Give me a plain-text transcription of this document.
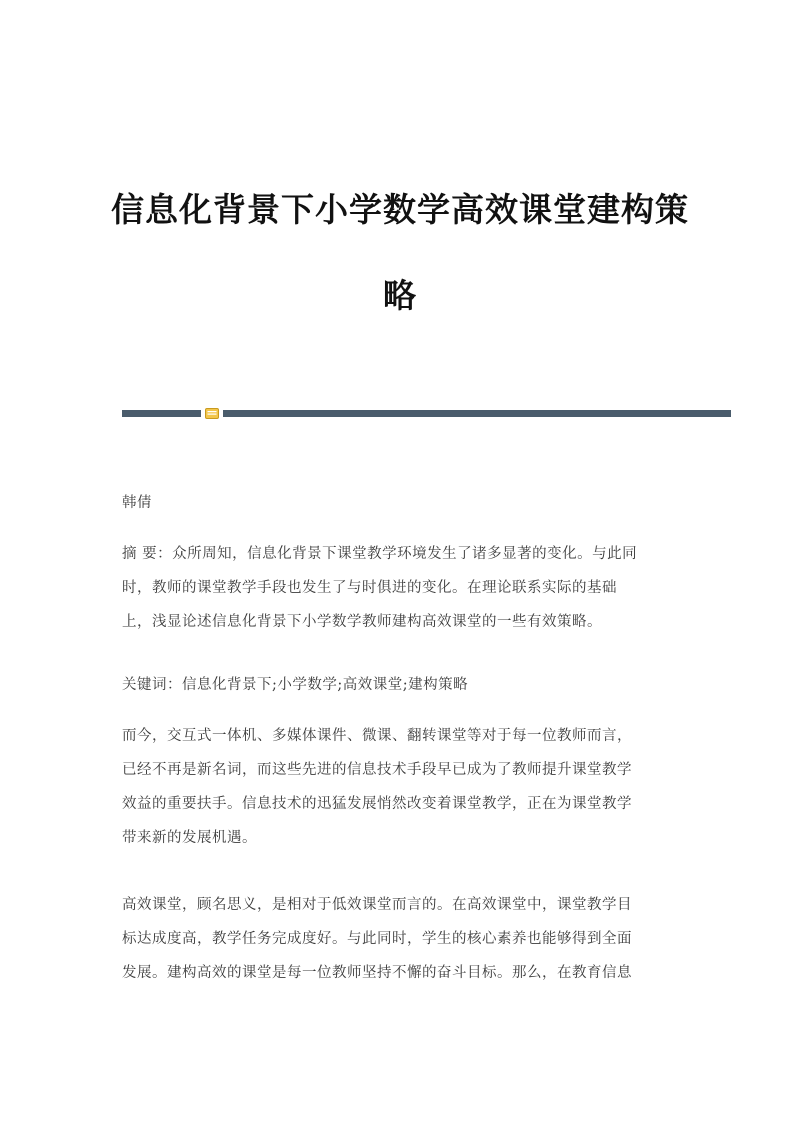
信息化背景下小学数学高效课堂建构策
略

韩倩

摘 要：众所周知，信息化背景下课堂教学环境发生了诸多显著的变化。与此同
时，教师的课堂教学手段也发生了与时俱进的变化。在理论联系实际的基础
上，浅显论述信息化背景下小学数学教师建构高效课堂的一些有效策略。

关键词：信息化背景下;小学数学;高效课堂;建构策略

而今，交互式一体机、多媒体课件、微课、翻转课堂等对于每一位教师而言，
已经不再是新名词，而这些先进的信息技术手段早已成为了教师提升课堂教学
效益的重要扶手。信息技术的迅猛发展悄然改变着课堂教学，正在为课堂教学
带来新的发展机遇。

高效课堂，顾名思义，是相对于低效课堂而言的。在高效课堂中，课堂教学目
标达成度高，教学任务完成度好。与此同时，学生的核心素养也能够得到全面
发展。建构高效的课堂是每一位教师坚持不懈的奋斗目标。那么，在教育信息
